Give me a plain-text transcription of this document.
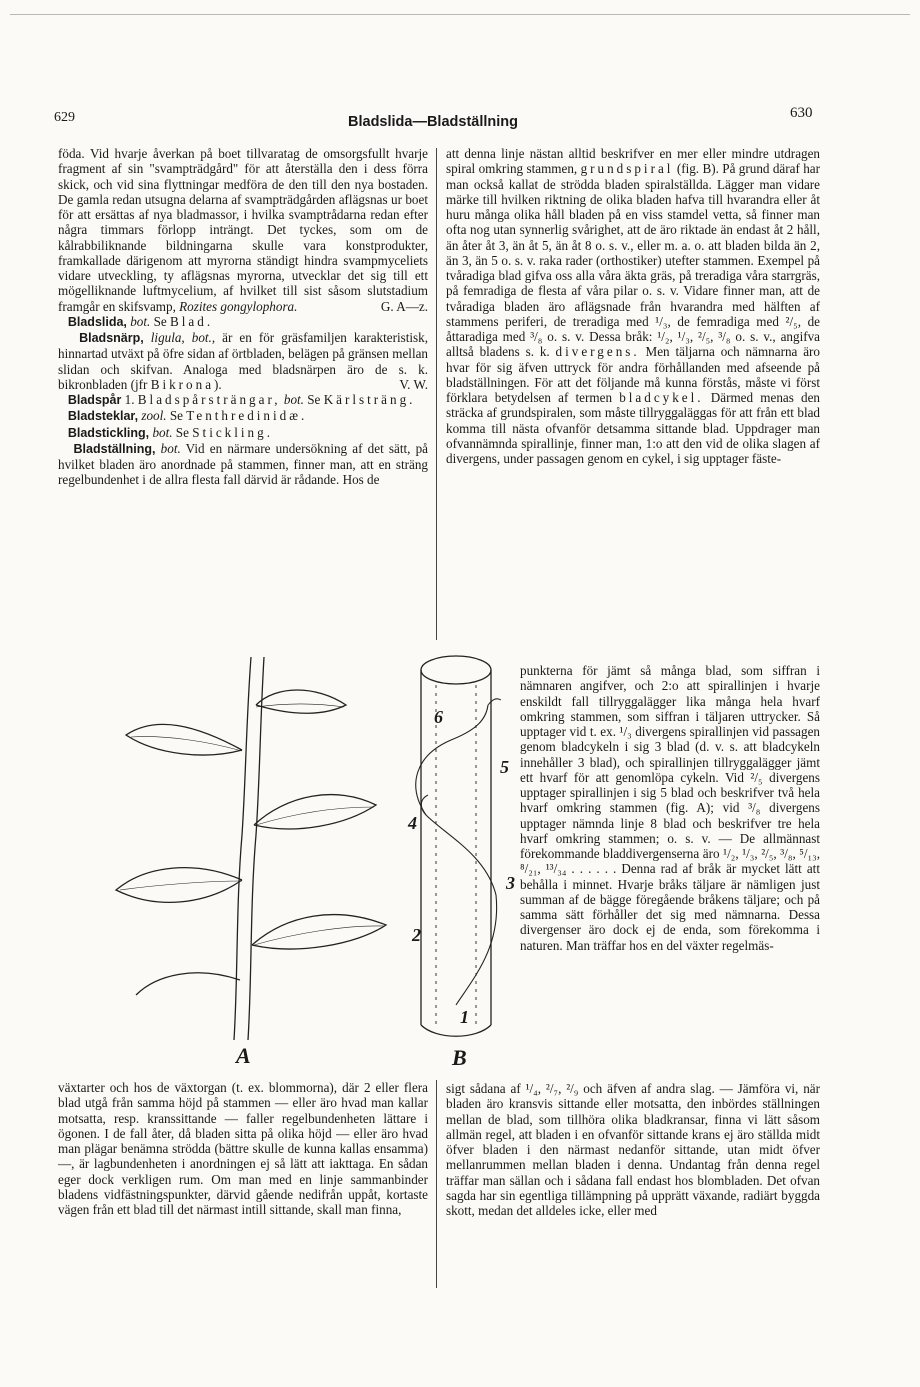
629	Bladslida—Bladställning
630

föda. Vid hvarje åverkan på boet tillvaratag de omsorgsfullt hvarje fragment af sin "svampträdgård" för att återställa den i dess förra skick, och vid sina flyttningar medföra de den till den nya bostaden. De gamla redan utsugna delarna af svampträdgården aflägsnas ur boet för att ersättas af nya bladmassor, i hvilka svamptrådarna redan efter några timmars förlopp inträngt. Det tyckes, som om de kålrabbiliknande bildningarna skulle vara konstprodukter, framkallade därigenom att myrorna ständigt hindra svampmyceliets vidare utveckling, ty aflägsnas myrorna, utvecklar det sig till ett mögelliknande luftmycelium, af hvilket till sist såsom slutstadium framgår en skifsvamp, Rozites gongylophora.	G. A—z.

Bladslida, bot. Se Blad.

Bladsnärp, ligula, bot., är en för gräsfamiljen karakteristisk, hinnartad utväxt på öfre sidan af örtbladen, belägen på gränsen mellan slidan och skifvan. Analoga med bladsnärpen äro de s. k. bikronbladen (jfr Bikrona).	V. W.

Bladspår 1. Bladspårsträngar, bot. Se Kärlsträng.

Bladsteklar, zool. Se Tenthredinidæ.

Bladstickling, bot. Se Stickling.

Bladställning, bot. Vid en närmare undersökning af det sätt, på hvilket bladen äro anordnade på stammen, finner man, att en sträng regelbundenhet i de allra flesta fall därvid är rådande. Hos de

att denna linje nästan alltid beskrifver en mer eller mindre utdragen spiral omkring stammen, grundspiral (fig. B). På grund däraf har man också kallat de strödda bladen spiralställda. Lägger man vidare märke till hvilken riktning de olika bladen hafva till hvarandra eller åt huru många olika håll bladen på en viss stamdel vetta, så finner man ofta nog utan synnerlig svårighet, att de äro riktade än endast åt 2 håll, än åter åt 3, än åt 5, än åt 8 o. s. v., eller m. a. o. att bladen bilda än 2, än 3, än 5 o. s. v. raka rader (orthostiker) utefter stammen. Exempel på tvåradiga blad gifva oss alla våra äkta gräs, på treradiga våra starrgräs, på femradiga de flesta af våra pilar o. s. v. Vidare finner man, att de tvåradiga bladen äro aflägsnade från hvarandra med hälften af stammens periferi, de treradiga med ¹/₃, de femradiga med ²/₅, de åttaradiga med ³/₈ o. s. v. Dessa bråk: ¹/₂, ¹/₃, ²/₅, ³/₈ o. s. v., angifva alltså bladens s. k. divergens. Men täljarna och nämnarna äro hvar för sig äfven uttryck för andra förhållanden med afseende på bladställningen. För att det följande må kunna förstås, måste vi först förklara betydelsen af termen bladcykel. Därmed menas den sträcka af grundspiralen, som måste tillryggaläggas för att från ett blad komma till nästa ofvanför detsamma sittande blad. Uppdrager man ofvannämnda spirallinje, finner man, 1:o att den vid de olika slagen af divergens, under passagen genom en cykel, i sig upptager fäste-

A	B
6
5
4
3
2
1

punkterna för jämt så många blad, som siffran i nämnaren angifver, och 2:o att spirallinjen i hvarje enskildt fall tillryggalägger lika många hela hvarf omkring stammen, som siffran i täljaren uttrycker. Så upptager vid t. ex. ¹/₃ divergens spirallinjen vid passagen genom bladcykeln i sig 3 blad (d. v. s. att bladcykeln innehåller 3 blad), och spirallinjen tillryggalägger jämt ett hvarf för att genomlöpa cykeln. Vid ²/₅ divergens upptager spirallinjen i sig 5 blad och beskrifver två hela hvarf omkring stammen (fig. A); vid ³/₈ divergens upptager nämnda linje 8 blad och beskrifver tre hela hvarf omkring stammen; o. s. v. — De allmännast förekommande bladdivergenserna äro ¹/₂, ¹/₃, ²/₅, ³/₈, ⁵/₁₃, ⁸/₂₁, ¹³/₃₄ . . . . . . Denna rad af bråk är mycket lätt att behålla i minnet. Hvarje bråks täljare är nämligen just summan af de bägge föregående bråkens täljare; och på samma sätt förhåller det sig med nämnarna. Dessa divergenser äro dock ej de enda, som förekomma i naturen. Man träffar hos en del växter regelmäs-

växtarter och hos de växtorgan (t. ex. blommorna), där 2 eller flera blad utgå från samma höjd på stammen — eller äro hvad man kallar motsatta, resp. kranssittande — faller regelbundenheten lättare i ögonen. I de fall åter, då bladen sitta på olika höjd — eller äro hvad man plägar benämna strödda (bättre skulle de kunna kallas ensamma) —, är lagbundenheten i anordningen ej så lätt att iakttaga. En sådan eger dock verkligen rum. Om man med en linje sammanbinder bladens vidfästningspunkter, därvid gående nedifrån uppåt, kortaste vägen från ett blad till det närmast intill sittande, skall man finna,

sigt sådana af ¹/₄, ²/₇, ²/₉ och äfven af andra slag. — Jämföra vi, när bladen äro kransvis sittande eller motsatta, den inbördes ställningen mellan de blad, som tillhöra olika bladkransar, finna vi lätt såsom allmän regel, att bladen i en ofvanför sittande krans ej äro ställda midt öfver bladen i den närmast nedanför sittande, utan midt öfver mellanrummen mellan bladen i denna. Undantag från denna regel träffar man sällan och i sådana fall endast hos blombladen. Det ofvan sagda har sin egentliga tillämpning på upprätt växande, radiärt byggda skott, medan det alldeles icke, eller med
